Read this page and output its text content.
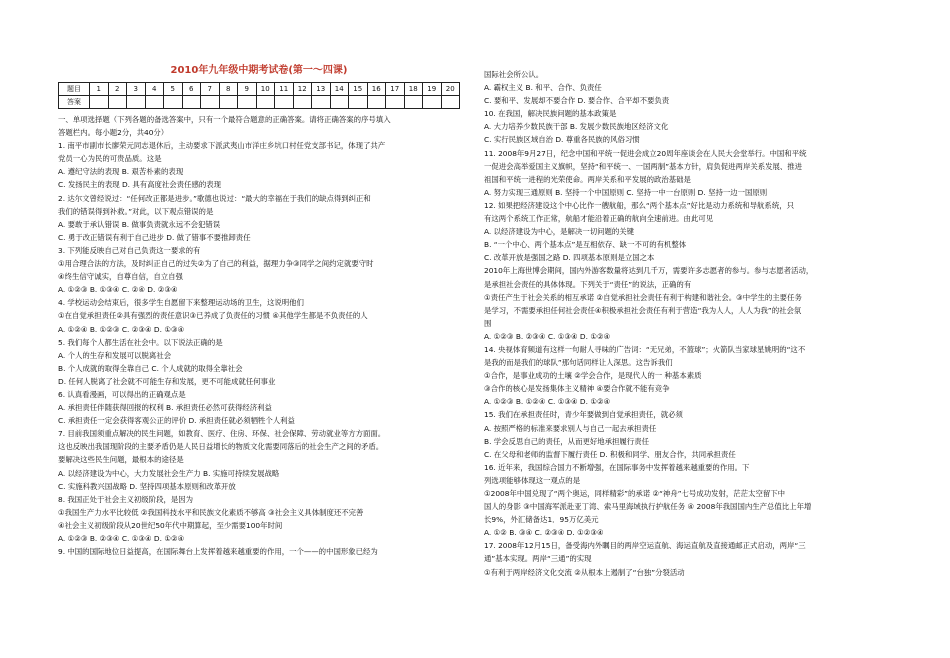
2010年九年级中期考试卷(第一～四课)
题目	1	2	3	4	5	6	7	8	9	10	11	12	13	14	15	16	17	18	19	20
答案																				
一、单项选择题（下列各题的备选答案中，只有一个最符合题意的正确答案。请将正确答案的序号填入
答题栏内。每小题2分，共40分）
1. 南平市副市长廖荣元同志退休后，主动要求下派武夷山市洋庄乡坑口村任党支部书记，体现了共产
党员一心为民的可贵品质。这是
A. 遵纪守法的表现 B. 艰苦朴素的表现
C. 发扬民主的表现 D. 具有高度社会责任感的表现
2. 达尔文曾经说过：“任何改正都是进步。”歌德也说过：“最大的幸福在于我们的缺点得到纠正和
我们的错误得到补救。”对此，以下观点错误的是
A. 要敢于承认错误 B. 做事负责就永远不会犯错误
C. 勇于改正错误有利于自己进步 D. 做了错事不要推卸责任
3. 下列能反映自己对自己负责这一要求的有
①用合理合法的方法，及时纠正自己的过失②为了自己的利益，据理力争③同学之间约定就要守时
④终生信守诚实，自尊自信，自立自强
A. ①②③ B. ①③④ C. ②④ D. ②③④
4. 学校运动会结束后，很多学生自愿留下来整理运动场的卫生，这说明他们
①在自觉承担责任②具有强烈的责任意识③已养成了负责任的习惯 ④其他学生都是不负责任的人
A. ①②④ B. ①②③ C. ②③④ D. ①③④
5. 我们每个人都生活在社会中。以下说法正确的是
A. 个人的生存和发展可以脱离社会
B. 个人成就的取得全靠自己 C. 个人成就的取得全靠社会
D. 任何人脱离了社会就不可能生存和发展，更不可能成就任何事业
6. 认真看漫画，可以得出的正确观点是
A. 承担责任伴随获得回报的权利 B. 承担责任必然可获得经济利益
C. 承担责任一定会获得客观公正的评价 D. 承担责任就必须牺牲个人利益
7. 目前我国须重点解决的民生问题，如教育、医疗、住房、环保、社会保障、劳动就业等方方面面。
这也反映出我国现阶段的主要矛盾仍是人民日益增长的物质文化需要同落后的社会生产之间的矛盾。
要解决这些民生问题，最根本的途径是
A. 以经济建设为中心，大力发展社会生产力 B. 实施可持续发展战略
C. 实施科教兴国战略 D. 坚持四项基本原则和改革开放
8. 我国正处于社会主义初级阶段，是因为
①我国生产力水平比较低 ②我国科技水平和民族文化素质不够高 ③社会主义具体制度还不完善
④社会主义初级阶段从20世纪50年代中期算起，至少需要100年时间
A. ①②③ B. ②③④ C. ①③④ D. ①②④
9. 中国的国际地位日益提高，在国际舞台上发挥着越来越重要的作用，一个——的中国形象已经为
国际社会所公认。
A. 霸权主义 B. 和平、合作、负责任
C. 要和平、发展却不要合作 D. 要合作、合平却不要负责
10. 在我国，解决民族问题的基本政策是
A. 大力培养少数民族干部 B. 发展少数民族地区经济文化
C. 实行民族区域自治 D. 尊重各民族的风俗习惯
11. 2008年9月27日，纪念中国和平统一促进会成立20周年座谈会在人民大会堂举行。中国和平统
一促进会高举爱国主义旗帜，坚持“和平统一、一国两制”基本方针，肩负促进两岸关系发展、推进
祖国和平统一进程的光荣使命。两岸关系和平发展的政治基础是
A. 努力实现三通原则 B. 坚持一个中国原则 C. 坚持一中一台原则 D. 坚持一边一国原则
12. 如果把经济建设这个中心比作一艘航船，那么“两个基本点”好比是动力系统和导航系统，只
有这两个系统工作正常，航船才能沿着正确的航向全速前进。由此可见
A. 以经济建设为中心，是解决一切问题的关键
B. “一个中心、两个基本点”是互相依存、缺一不可的有机整体
C. 改革开放是强国之路 D. 四项基本原则是立国之本
2010年上海世博会期间，国内外游客数量将达到几千万，需要许多志愿者的参与。参与志愿者活动，
是承担社会责任的具体体现。下列关于“责任”的说法，正确的有
①责任产生于社会关系的相互承诺 ②自觉承担社会责任有利于构建和谐社会。③中学生的主要任务
是学习，不需要承担任何社会责任④积极承担社会责任有利于营造“我为人人，人人为我”的社会氛
围
A. ①②③ B. ②③④ C. ①③④ D. ①②④
14. 央视体育频道有这样一句耐人寻味的广告词：“无兄弟，不篮球”；火箭队当家球星姚明的“这不
是我的而是我们的球队”那句话同样让人深思。这告诉我们
①合作，是事业成功的土壤 ②学会合作，是现代人的一 种基本素质
③合作的核心是发扬集体主义精神 ④要合作就不能有竞争
A. ①②③ B. ①②④ C. ①③④ D. ①②④
15. 我们在承担责任时，青少年要做到自觉承担责任，就必须
A. 按照严格的标准来要求别人与自己一起去承担责任
B. 学会反思自己的责任，从而更好地承担履行责任
C. 在父母和老师的监督下履行责任 D. 积极和同学、朋友合作，共同承担责任
16. 近年来，我国综合国力不断增强，在国际事务中发挥着越来越重要的作用。下
列选项能够体现这一观点的是
①2008年中国兑现了“两个奥运，同样精彩”的承诺 ②“神舟”七号成功发射，茫茫太空留下中
国人的身影 ③中国海军派赴亚丁湾、索马里海域执行护航任务 ④ 2008年我国国内生产总值比上年增
长9%，外汇储备达1．95万亿美元
A. ①② B. ③④ C. ②③④ D. ①②③④
17. 2008年12月15日，备受海内外瞩目的两岸空运直航、海运直航及直接通邮正式启动，两岸“三
通”基本实现。两岸“三通”的实现
①有利于两岸经济文化交流 ②从根本上遏制了“台独”分裂活动
